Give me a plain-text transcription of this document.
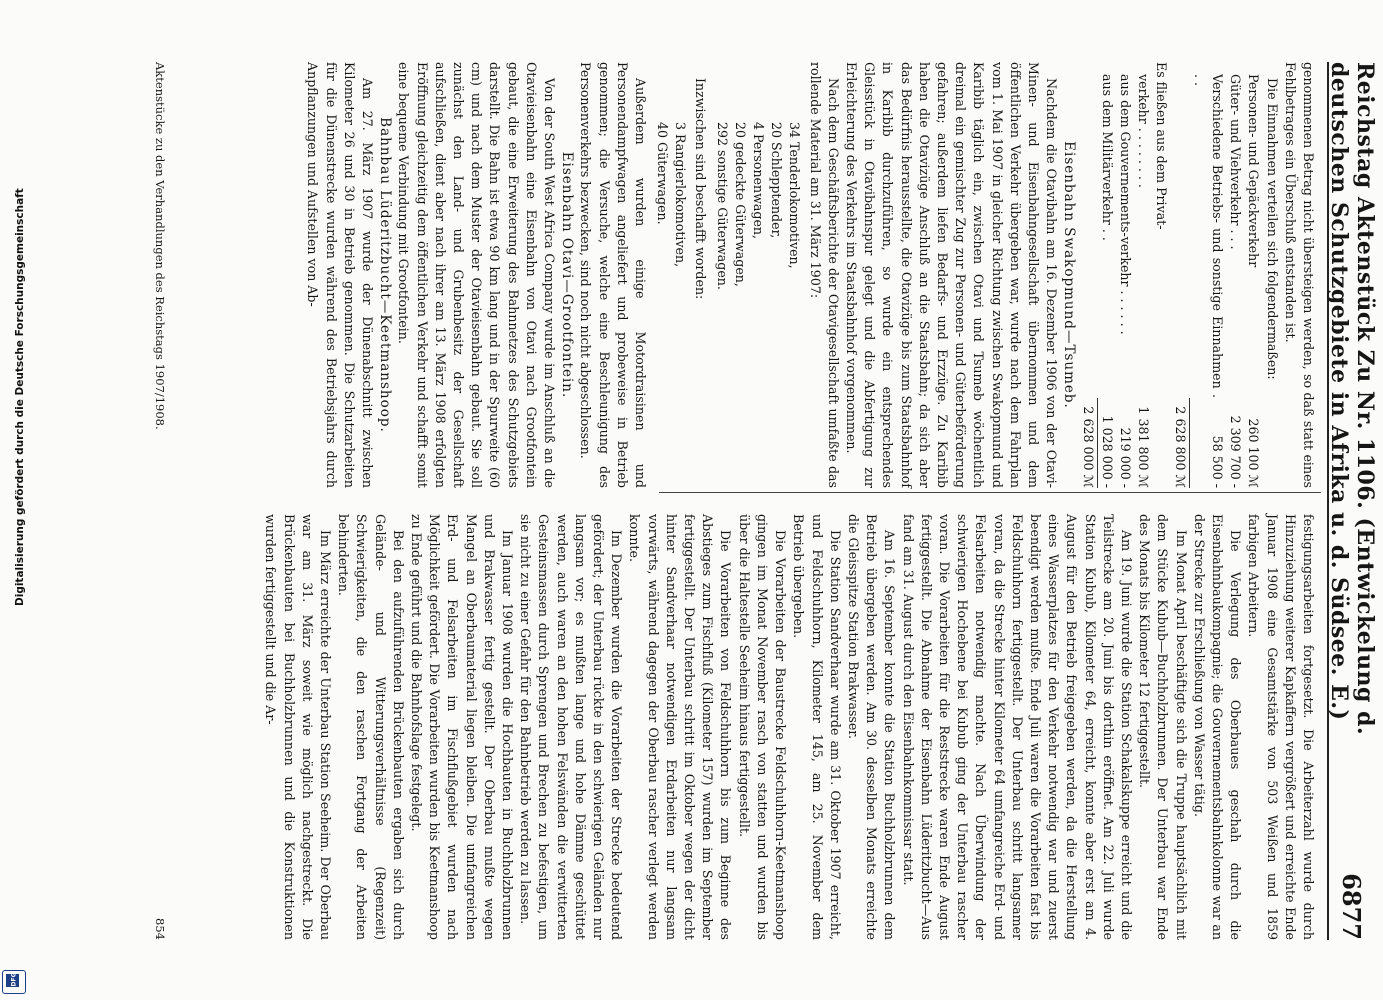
Digitalisierung gefördert durch die Deutsche Forschungsgemeinschaft
DFG
Reichstag Aktenstück Zu Nr. 1106. (Entwickelung d. deutschen Schutzgebiete in Afrika u. d. Südsee. E.)
6877

genommenen Betrag nicht übersteigen werden, so daß statt eines Fehlbetrages ein Überschuß entstanden ist.

Die Einnahmen verteilen sich folgendermaßen:

Personen- und Gepäckverkehr
260 100 ℳ
Güter- und Viehverkehr . . .
2 309 700 -
Verschiedene Betriebs- und sonstige Einnahmen . . .
58 500 -
2 628 800 ℳ

Es fließen aus dem Privat-

verkehr . . . . . . . .
1 381 800 ℳ
aus dem Gouvernements-verkehr . . . . . .
219 000 -
aus dem Militärverkehr . .
1 028 000 -
2 628 000 ℳ

Eisenbahn Swakopmund—Tsumeb.

Nachdem die Otavibahn am 16. Dezember 1906 von der Otavi-Minen- und Eisenbahngesellschaft übernommen und dem öffentlichen Verkehr übergeben war, wurde nach dem Fahrplan vom 1. Mai 1907 in gleicher Richtung zwischen Swakopmund und Karibib täglich ein, zwischen Otavi und Tsumeb wöchentlich dreimal ein gemischter Zug zur Personen- und Güterbeförderung gefahren; außerdem liefen Bedarfs- und Erzzüge. Zu Karibib haben die Otavizüge Anschluß an die Staatsbahn; da sich aber das Bedürfnis herausstellte, die Otavizüge bis zum Staatsbahnhof in Karibib durchzuführen, so wurde ein entsprechendes Gleisstück in Otavibahnspur gelegt und die Abfertigung zur Erleichterung des Verkehrs im Staatsbahnhof vorgenommen.

Nach dem Geschäftsberichte der Otavigesellschaft umfaßte das rollende Material am 31. März 1907:

34 Tenderlokomotiven,
20 Schlepptender,
4 Personenwagen,
20 gedeckte Güterwagen,
292 sonstige Güterwagen.

Inzwischen sind beschafft worden:

3 Rangierlokomotiven,
40 Güterwagen.

Außerdem wurden einige Motordraisinen und Personendampfwagen angeliefert und probeweise in Betrieb genommen; die Versuche, welche eine Beschleunigung des Personenverkehrs bezwecken, sind noch nicht abgeschlossen.

Eisenbahn Otavi—Grootfontein.

Von der South West Africa Company wurde im Anschluß an die Otavieisenbahn eine Eisenbahn von Otavi nach Grootfontein gebaut, die eine Erweiterung des Bahnnetzes des Schutzgebiets darstellt. Die Bahn ist etwa 90 km lang und in der Spurweite (60 cm) und nach dem Muster der Otavieisenbahn gebaut. Sie soll zunächst den Land- und Grubenbesitz der Gesellschaft aufschließen, dient aber nach ihrer am 13. März 1908 erfolgten Eröffnung gleichzeitig dem öffentlichen Verkehr und schafft somit eine bequeme Verbindung mit Grootfontein.

Bahnbau Lüderitzbucht—Keetmanshoop.

Am 27. März 1907 wurde der Dünenabschnitt zwischen Kilometer 26 und 30 in Betrieb genommen. Die Schutzarbeiten für die Dünenstrecke wurden während des Betriebsjahrs durch Anpflanzungen und Aufstellen von Ab-

festigungsarbeiten fortgesetzt. Die Arbeiterzahl wurde durch Hinzuziehung weiterer Kapkaffern vergrößert und erreichte Ende Januar 1908 eine Gesamtstärke von 503 Weißen und 1859 farbigen Arbeitern.

Die Verlegung des Oberbaues geschah durch die Eisenbahnbaukompagnie; die Gouvernementsbahnkolonne war an der Strecke zur Erschließung von Wasser tätig.

Im Monat April beschäftigte sich die Truppe hauptsächlich mit dem Stücke Kubub—Buchholzbrunnen. Der Unterbau war Ende des Monats bis Kilometer 12 fertiggestellt.

Am 19. Juni wurde die Station Schakalskuppe erreicht und die Teilstrecke am 20. Juni bis dorthin eröffnet. Am 22. Juli wurde Station Kubub, Kilometer 64, erreicht, konnte aber erst am 4. August für den Betrieb freigegeben werden, da die Herstellung eines Wasserplatzes für den Verkehr notwendig war und zuerst beendigt werden mußte. Ende Juli waren die Vorarbeiten fast bis Feldschuhhorn fertiggestellt. Der Unterbau schritt langsamer voran, da die Strecke hinter Kilometer 64 umfangreiche Erd- und Felsarbeiten notwendig machte. Nach Überwindung der schwierigen Hochebene bei Kubub ging der Unterbau rascher voran. Die Vorarbeiten für die Reststrecke waren Ende August fertiggestellt. Die Abnahme der Eisenbahn Lüderitzbucht—Aus fand am 31. August durch den Eisenbahnkommissar statt.

Am 16. September konnte die Station Buchholzbrunnen dem Betrieb übergeben werden. Am 30. desselben Monats erreichte die Gleisspitze Station Brakwasser.

Die Station Sandverhaar wurde am 31. Oktober 1907 erreicht, und Feldschuhhorn, Kilometer 145, am 25. November dem Betrieb übergeben.

Die Vorarbeiten der Baustrecke Feldschuhhorn-Keetmanshoop gingen im Monat November rasch von statten und wurden bis über die Haltestelle Seeheim hinaus fertiggestellt.

Die Vorarbeiten von Feldschuhhorn bis zum Beginne des Abstieges zum Fischfluß (Kilometer 157) wurden im September fertiggestellt. Der Unterbau schritt im Oktober wegen der dicht hinter Sandverhaar notwendigen Erdarbeiten nur langsam vorwärts, während dagegen der Oberbau rascher verlegt werden konnte.

Im Dezember wurden die Vorarbeiten der Strecke bedeutend gefördert; der Unterbau rückte in den schwierigen Geländen nur langsam vor; es mußten lange und hohe Dämme geschüttet werden, auch waren an den hohen Felswänden die verwitterten Gesteinsmassen durch Sprengen und Brechen zu befestigen, um sie nicht zu einer Gefahr für den Bahnbetrieb werden zu lassen.

Im Januar 1908 wurden die Hochbauten in Buchholzbrunnen und Brakwasser fertig gestellt. Der Oberbau mußte wegen Mangel an Oberbaumaterial liegen bleiben. Die umfangreichen Erd- und Felsarbeiten im Fischflußgebiet wurden nach Möglichkeit gefördert. Die Vorarbeiten wurden bis Keetmanshoop zu Ende geführt und die Bahnhofslage festgelegt.

Bei den aufzuführenden Brückenbauten ergaben sich durch Gelände- und Witterungsverhältnisse (Regenzeit) Schwierigkeiten, die den raschen Fortgang der Arbeiten behinderten.

Im März erreichte der Unterbau Station Seeheim. Der Oberbau war am 31. März soweit wie möglich nachgestreckt. Die Brückenbauten bei Buchholzbrunnen und die Konstruktionen wurden fertiggestellt und die Ar-

Aktenstücke zu den Verhandlungen des Reichstags 1907/1908.
854
